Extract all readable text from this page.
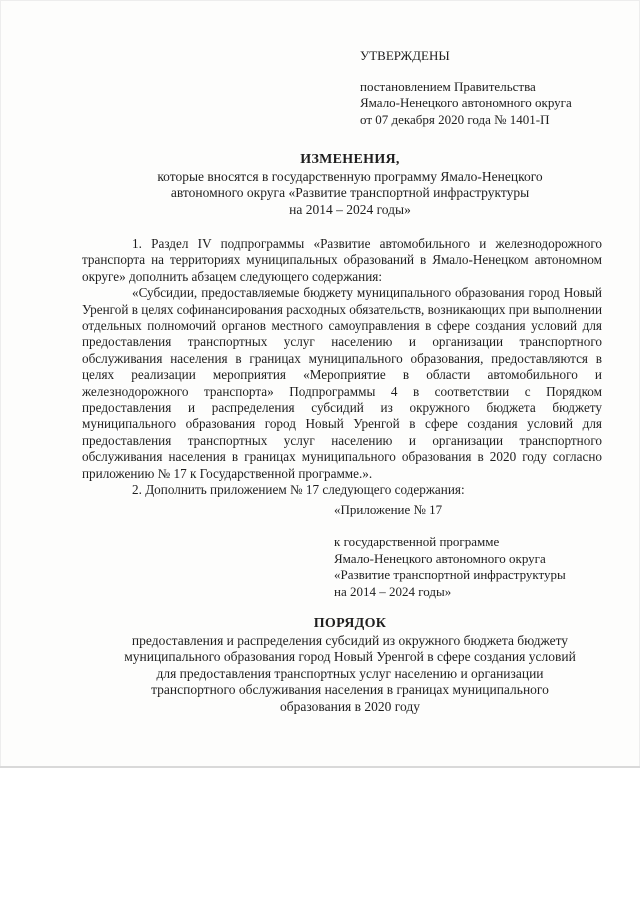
УТВЕРЖДЕНЫ
постановлением Правительства
Ямало-Ненецкого автономного округа
от 07 декабря 2020 года № 1401-П
ИЗМЕНЕНИЯ,
которые вносятся в государственную программу Ямало-Ненецкого
автономного округа «Развитие транспортной инфраструктуры
на 2014 – 2024 годы»

1. Раздел IV подпрограммы «Развитие автомобильного и железнодорожного транспорта на территориях муниципальных образований в Ямало-Ненецком автономном округе» дополнить абзацем следующего содержания:

«Субсидии, предоставляемые бюджету муниципального образования город Новый Уренгой в целях софинансирования расходных обязательств, возникающих при выполнении отдельных полномочий органов местного самоуправления в сфере создания условий для предоставления транспортных услуг населению и организации транспортного обслуживания населения в границах муниципального образования, предоставляются в целях реализации мероприятия «Мероприятие в области автомобильного и железнодорожного транспорта» Подпрограммы 4 в соответствии с Порядком предоставления и распределения субсидий из окружного бюджета бюджету муниципального образования город Новый Уренгой в сфере создания условий для предоставления транспортных услуг населению и организации транспортного обслуживания населения в границах муниципального образования в 2020 году согласно приложению № 17 к Государственной программе.».

2. Дополнить приложением № 17 следующего содержания:

«Приложение № 17
к государственной программе
Ямало-Ненецкого автономного округа
«Развитие транспортной инфраструктуры
на 2014 – 2024 годы»
ПОРЯДОК
предоставления и распределения субсидий из окружного бюджета бюджету
муниципального образования город Новый Уренгой в сфере создания условий
для предоставления транспортных услуг населению и организации
транспортного обслуживания населения в границах муниципального
образования в 2020 году
